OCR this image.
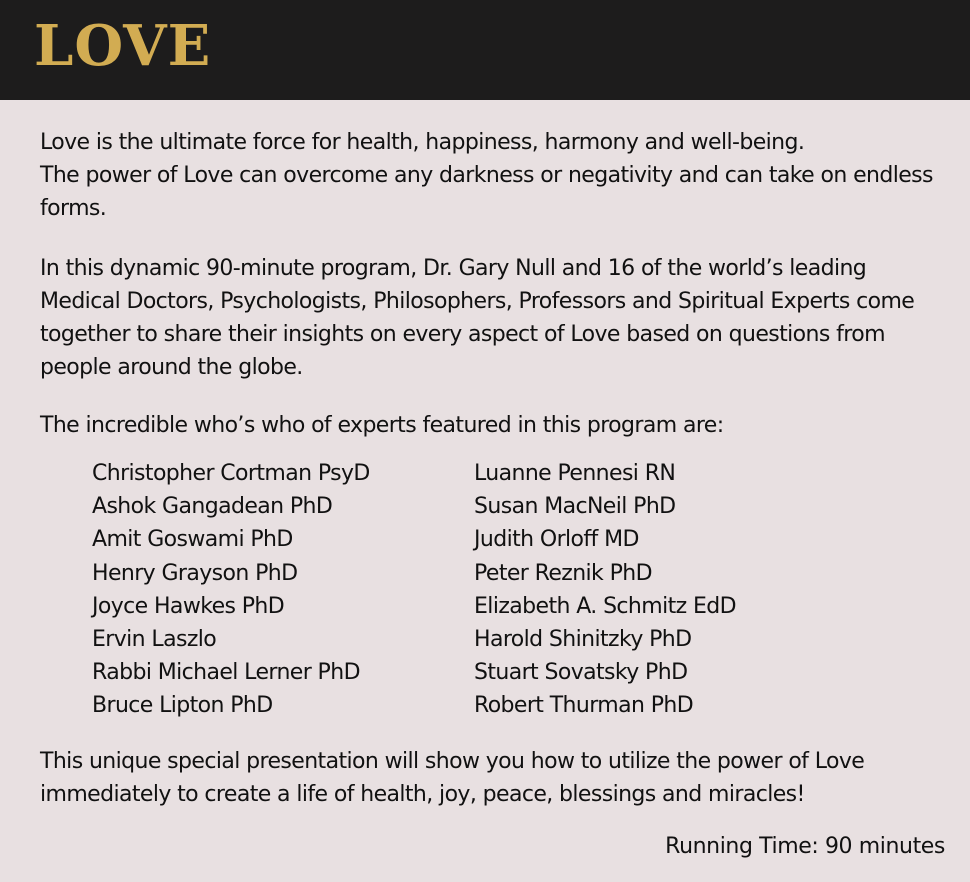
LOVE

Love is the ultimate force for health, happiness, harmony and well-being.
The power of Love can overcome any darkness or negativity and can take on endless forms.

In this dynamic 90-minute program, Dr. Gary Null and 16 of the world’s leading Medical Doctors, Psychologists, Philosophers, Professors and Spiritual Experts come together to share their insights on every aspect of Love based on questions from people around the globe.

The incredible who’s who of experts featured in this program are:

Christopher Cortman PsyD
Ashok Gangadean PhD
Amit Goswami PhD
Henry Grayson PhD
Joyce Hawkes PhD
Ervin Laszlo
Rabbi Michael Lerner PhD
Bruce Lipton PhD
Luanne Pennesi RN
Susan MacNeil PhD
Judith Orloff MD
Peter Reznik PhD
Elizabeth A. Schmitz EdD
Harold Shinitzky PhD
Stuart Sovatsky PhD
Robert Thurman PhD

This unique special presentation will show you how to utilize the power of Love immediately to create a life of health, joy, peace, blessings and miracles!

Running Time: 90 minutes
